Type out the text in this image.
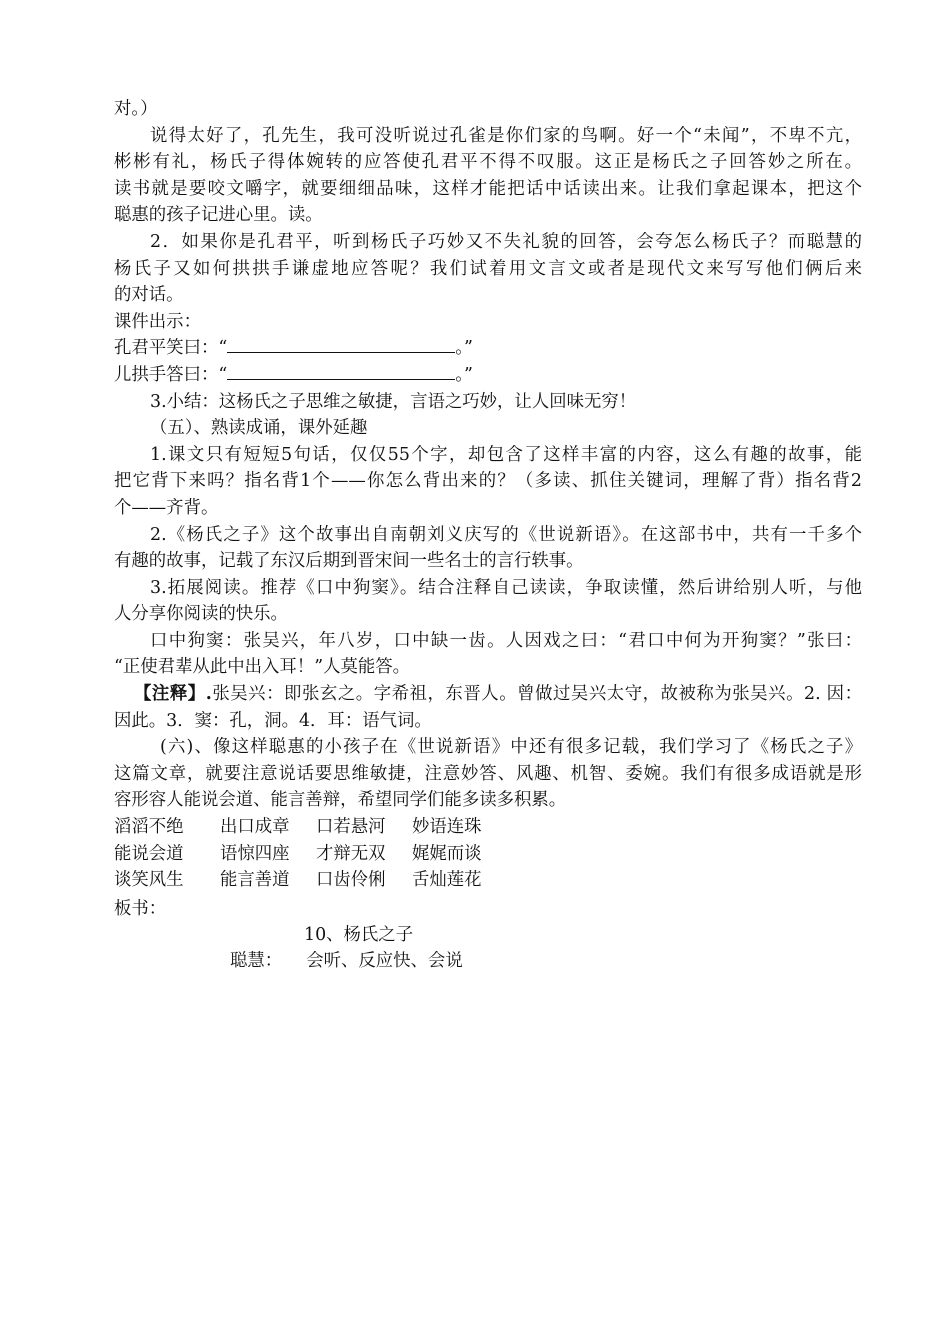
对。）
说得太好了，孔先生，我可没听说过孔雀是你们家的鸟啊。好一个“未闻”，不卑不亢，
彬彬有礼，杨氏子得体婉转的应答使孔君平不得不叹服。这正是杨氏之子回答妙之所在。
读书就是要咬文嚼字，就要细细品味，这样才能把话中话读出来。让我们拿起课本，把这个
聪惠的孩子记进心里。读。
2．如果你是孔君平，听到杨氏子巧妙又不失礼貌的回答，会夸怎么杨氏子？而聪慧的
杨氏子又如何拱拱手谦虚地应答呢？我们试着用文言文或者是现代文来写写他们俩后来
的对话。
课件出示：
孔君平笑曰：“	。”
儿拱手答曰：“	。”
3.小结：这杨氏之子思维之敏捷，言语之巧妙，让人回味无穷！
（五）、熟读成诵，课外延趣
1.课文只有短短5句话，仅仅55个字，却包含了这样丰富的内容，这么有趣的故事，能
把它背下来吗？指名背1个——你怎么背出来的？（多读、抓住关键词，理解了背）指名背2
个——齐背。
2.《杨氏之子》这个故事出自南朝刘义庆写的《世说新语》。在这部书中，共有一千多个
有趣的故事，记载了东汉后期到晋宋间一些名士的言行轶事。
3.拓展阅读。推荐《口中狗窦》。结合注释自己读读，争取读懂，然后讲给别人听，与他
人分享你阅读的快乐。
口中狗窦：张吴兴，年八岁，口中缺一齿。人因戏之曰：“君口中何为开狗窦？”张曰：
“正使君辈从此中出入耳！”人莫能答。
【注释】.张吴兴：即张玄之。字希祖，东晋人。曾做过吴兴太守，故被称为张吴兴。2. 因：
因此。3．窦：孔，洞。4．耳：语气词。
(六)、像这样聪惠的小孩子在《世说新语》中还有很多记载，我们学习了《杨氏之子》
这篇文章，就要注意说话要思维敏捷，注意妙答、风趣、机智、委婉。我们有很多成语就是形
容形容人能说会道、能言善辩，希望同学们能多读多积累。
滔滔不绝	出口成章	口若悬河	妙语连珠
能说会道	语惊四座	才辩无双	娓娓而谈
谈笑风生	能言善道	口齿伶俐	舌灿莲花
板书：
10、杨氏之子
聪慧： 会听、反应快、会说
